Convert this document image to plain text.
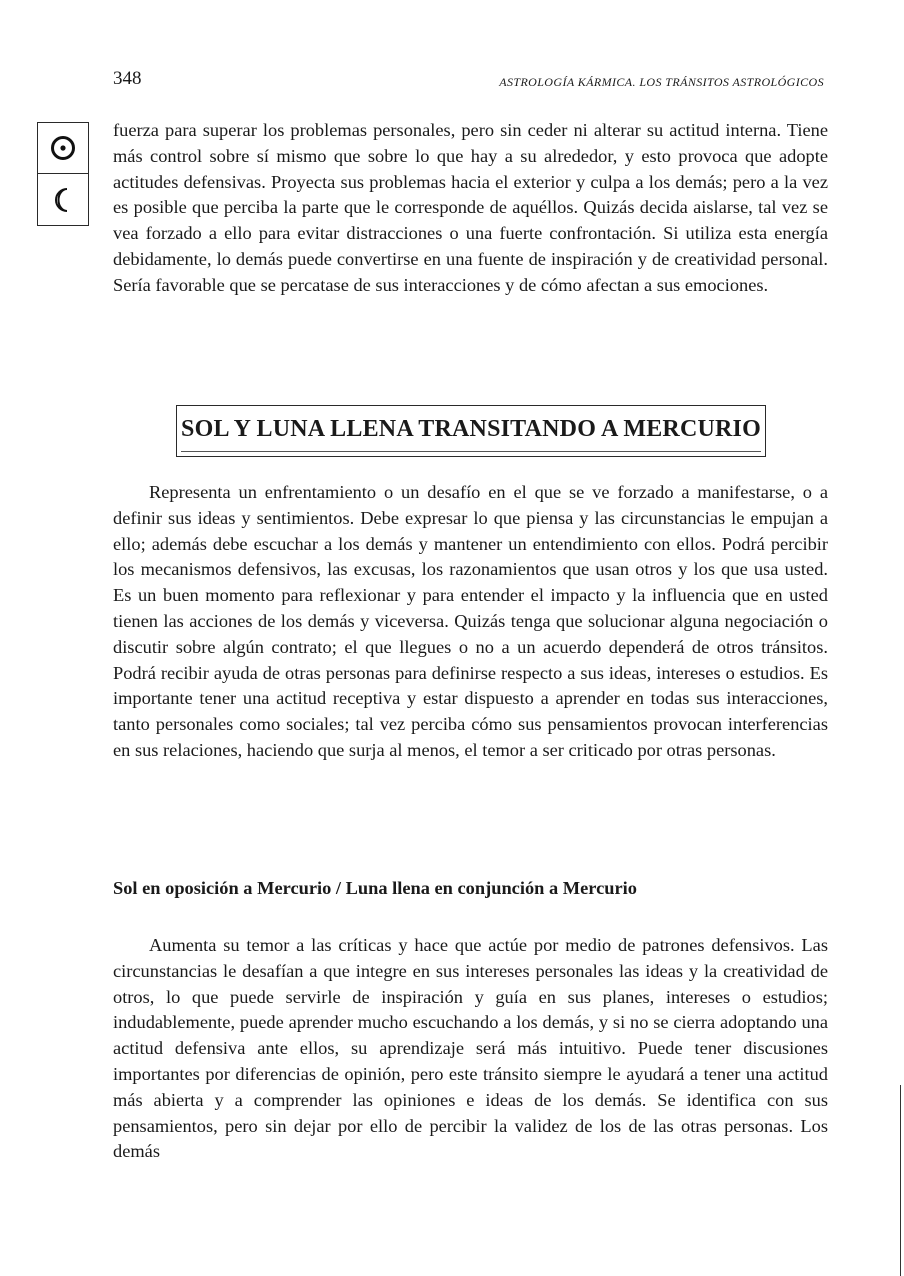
348	ASTROLOGÍA KÁRMICA. LOS TRÁNSITOS ASTROLÓGICOS

fuerza para superar los problemas personales, pero sin ceder ni alterar su actitud interna. Tiene más control sobre sí mismo que sobre lo que hay a su alrededor, y esto provoca que adopte actitudes defensivas. Proyecta sus problemas hacia el exterior y culpa a los demás; pero a la vez es posible que perciba la parte que le corresponde de aquéllos. Quizás decida aislarse, tal vez se vea forzado a ello para evitar distracciones o una fuerte confrontación. Si utiliza esta energía debidamente, lo demás puede convertirse en una fuente de inspiración y de creatividad personal. Sería favorable que se percatase de sus interacciones y de cómo afectan a sus emociones.

SOL Y LUNA LLENA TRANSITANDO A MERCURIO

Representa un enfrentamiento o un desafío en el que se ve forzado a manifestarse, o a definir sus ideas y sentimientos. Debe expresar lo que piensa y las circunstancias le empujan a ello; además debe escuchar a los demás y mantener un entendimiento con ellos. Podrá percibir los mecanismos defensivos, las excusas, los razonamientos que usan otros y los que usa usted. Es un buen momento para reflexionar y para entender el impacto y la influencia que en usted tienen las acciones de los demás y viceversa. Quizás tenga que solucionar alguna negociación o discutir sobre algún contrato; el que llegues o no a un acuerdo dependerá de otros tránsitos. Podrá recibir ayuda de otras personas para definirse respecto a sus ideas, intereses o estudios. Es importante tener una actitud receptiva y estar dispuesto a aprender en todas sus interacciones, tanto personales como sociales; tal vez perciba cómo sus pensamientos provocan interferencias en sus relaciones, haciendo que surja al menos, el temor a ser criticado por otras personas.

Sol en oposición a Mercurio / Luna llena en conjunción a Mercurio

Aumenta su temor a las críticas y hace que actúe por medio de patrones defensivos. Las circunstancias le desafían a que integre en sus intereses personales las ideas y la creatividad de otros, lo que puede servirle de inspiración y guía en sus planes, intereses o estudios; indudablemente, puede aprender mucho escuchando a los demás, y si no se cierra adoptando una actitud defensiva ante ellos, su aprendizaje será más intuitivo. Puede tener discusiones importantes por diferencias de opinión, pero este tránsito siempre le ayudará a tener una actitud más abierta y a comprender las opiniones e ideas de los demás. Se identifica con sus pensamientos, pero sin dejar por ello de percibir la validez de los de las otras personas. Los demás
